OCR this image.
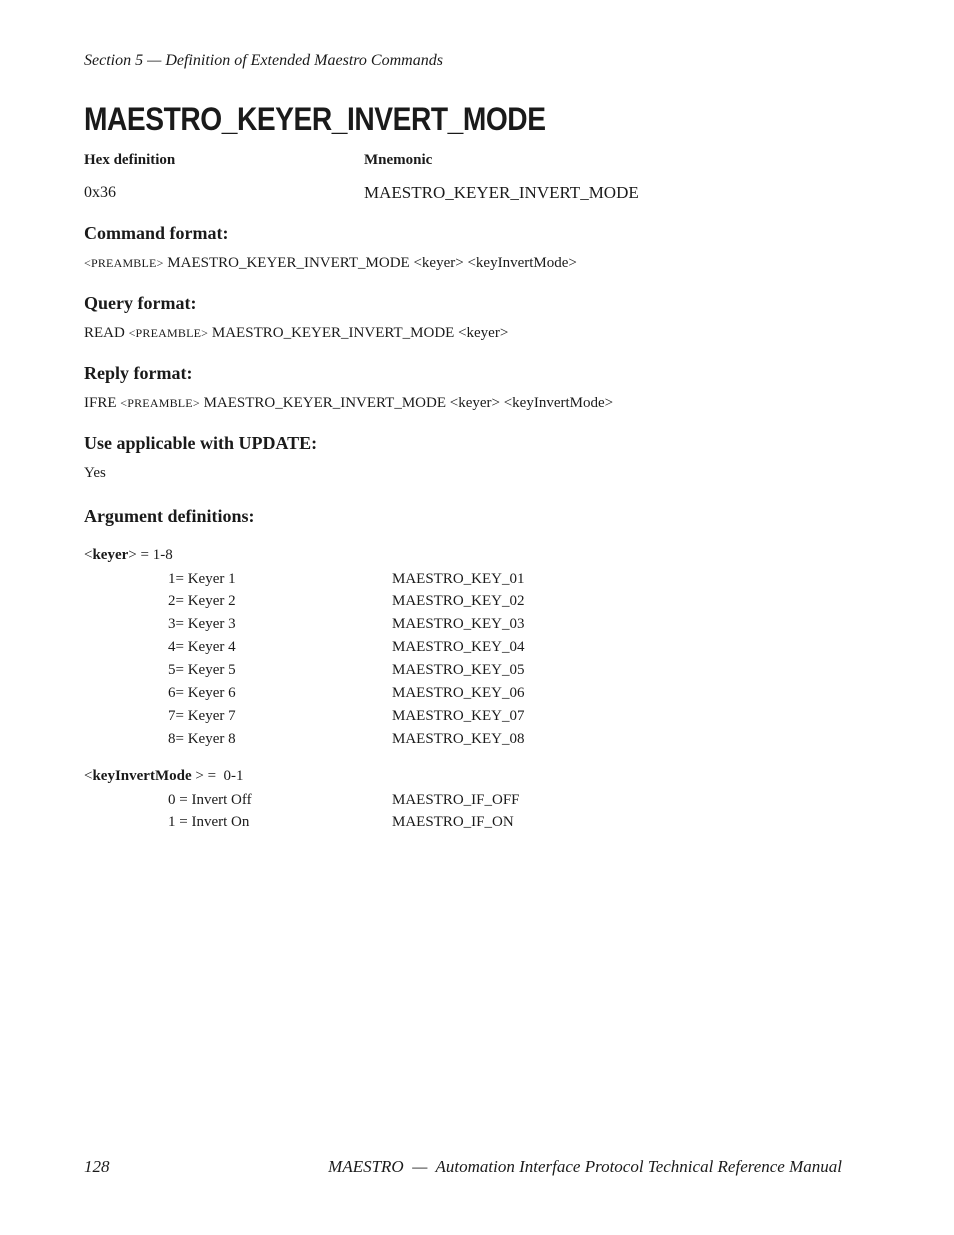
Section 5 — Definition of Extended Maestro Commands
MAESTRO_KEYER_INVERT_MODE
Hex definition	Mnemonic
0x36	MAESTRO_KEYER_INVERT_MODE
Command format:
<PREAMBLE> MAESTRO_KEYER_INVERT_MODE <keyer> <keyInvertMode>
Query format:
READ <PREAMBLE> MAESTRO_KEYER_INVERT_MODE <keyer>
Reply format:
IFRE <PREAMBLE> MAESTRO_KEYER_INVERT_MODE <keyer> <keyInvertMode>
Use applicable with UPDATE:
Yes
Argument definitions:
<keyer> = 1-8
1= Keyer 1	MAESTRO_KEY_01
2= Keyer 2	MAESTRO_KEY_02
3= Keyer 3	MAESTRO_KEY_03
4= Keyer 4	MAESTRO_KEY_04
5= Keyer 5	MAESTRO_KEY_05
6= Keyer 6	MAESTRO_KEY_06
7= Keyer 7	MAESTRO_KEY_07
8= Keyer 8	MAESTRO_KEY_08
<keyInvertMode > =  0-1
0 = Invert Off	MAESTRO_IF_OFF
1 = Invert On	MAESTRO_IF_ON
128	MAESTRO  —  Automation Interface Protocol Technical Reference Manual
